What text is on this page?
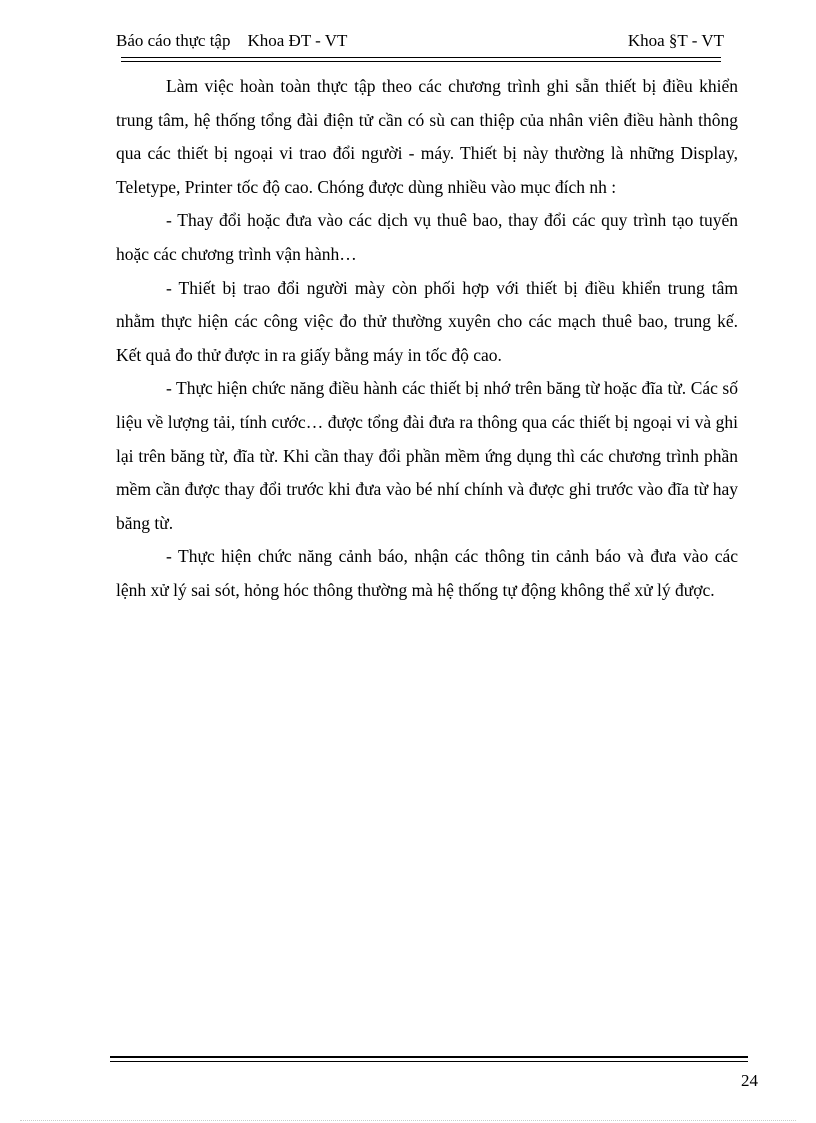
Báo cáo thực tập    Khoa ĐT - VT	Khoa §T - VT

Làm việc hoàn toàn thực tập theo các chương trình ghi sẵn thiết bị điều khiển trung tâm, hệ thống tổng đài điện tử cần có sù can thiệp của nhân viên điều hành thông qua các thiết bị ngoại vi trao đổi người - máy. Thiết bị này thường là những Display, Teletype, Printer tốc độ cao. Chóng được dùng nhiều vào mục đích nh :

- Thay đổi hoặc đưa vào các dịch vụ thuê bao, thay đổi các quy trình tạo tuyến hoặc các chương trình vận hành…

- Thiết bị trao đổi người mày còn phối hợp với thiết bị điều khiển trung tâm nhằm thực hiện các công việc đo thử thường xuyên cho các mạch thuê bao, trung kế. Kết quả đo thử được in ra giấy bằng máy in tốc độ cao.

- Thực hiện chức năng điều hành các thiết bị nhớ trên băng từ hoặc đĩa từ. Các số liệu về lượng tải, tính cước… được tổng đài đưa ra thông qua các thiết bị ngoại vi và ghi lại trên băng từ, đĩa từ. Khi cần thay đổi phần mềm ứng dụng thì các chương trình phần mềm cần được thay đổi trước khi đưa vào bé nhí chính và được ghi trước vào đĩa từ hay băng từ.

- Thực hiện chức năng cảnh báo, nhận các thông tin cảnh báo và đưa vào các lệnh xử lý sai sót, hỏng hóc thông thường mà hệ thống tự động không thể xử lý được.

24
